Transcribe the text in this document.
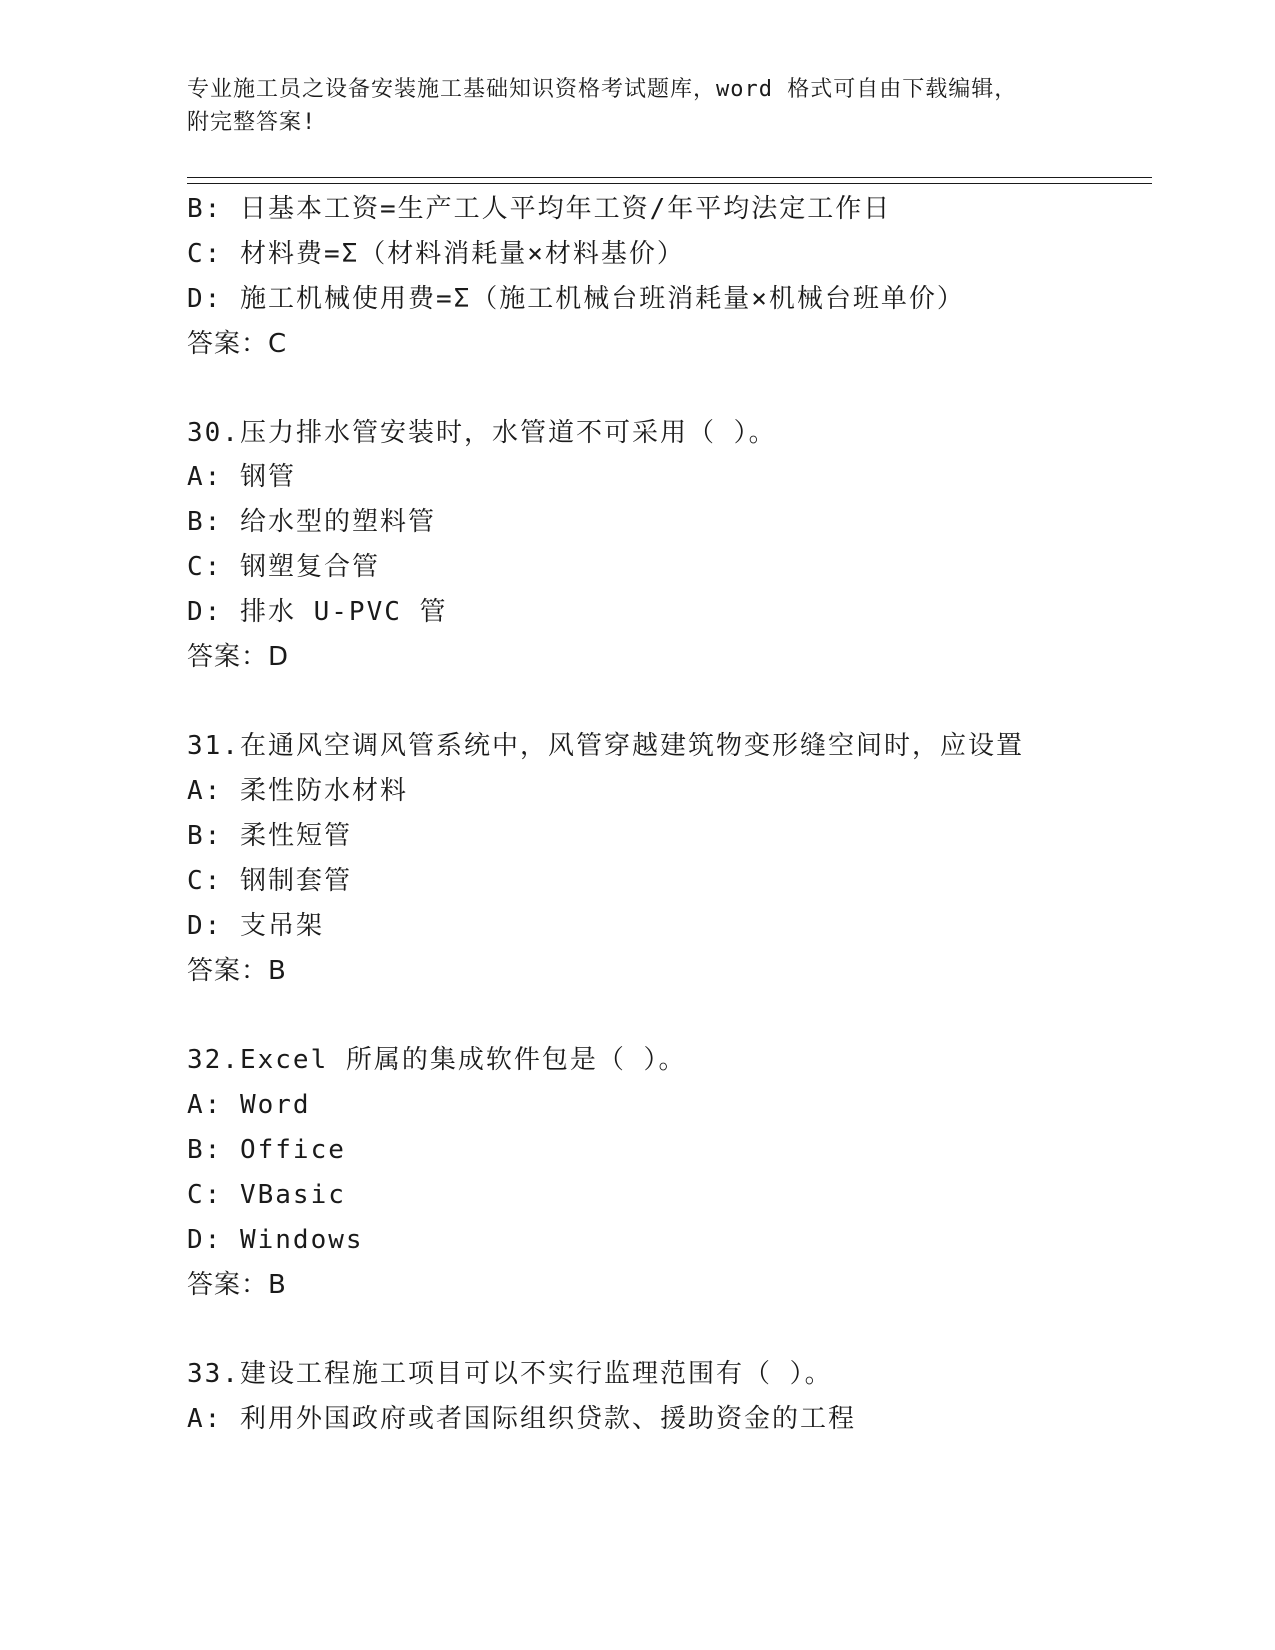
专业施工员之设备安装施工基础知识资格考试题库，word 格式可自由下载编辑，
附完整答案!
B: 日基本工资=生产工人平均年工资/年平均法定工作日
C: 材料费=Σ（材料消耗量×材料基价）
D: 施工机械使用费=Σ（施工机械台班消耗量×机械台班单价）
答案：C
30.压力排水管安装时，水管道不可采用（ ）。
A: 钢管
B: 给水型的塑料管
C: 钢塑复合管
D: 排水 U-PVC 管
答案：D
31.在通风空调风管系统中，风管穿越建筑物变形缝空间时，应设置
A: 柔性防水材料
B: 柔性短管
C: 钢制套管
D: 支吊架
答案：B
32.Excel 所属的集成软件包是（ ）。
A: Word
B: Office
C: VBasic
D: Windows
答案：B
33.建设工程施工项目可以不实行监理范围有（ ）。
A: 利用外国政府或者国际组织贷款、援助资金的工程
